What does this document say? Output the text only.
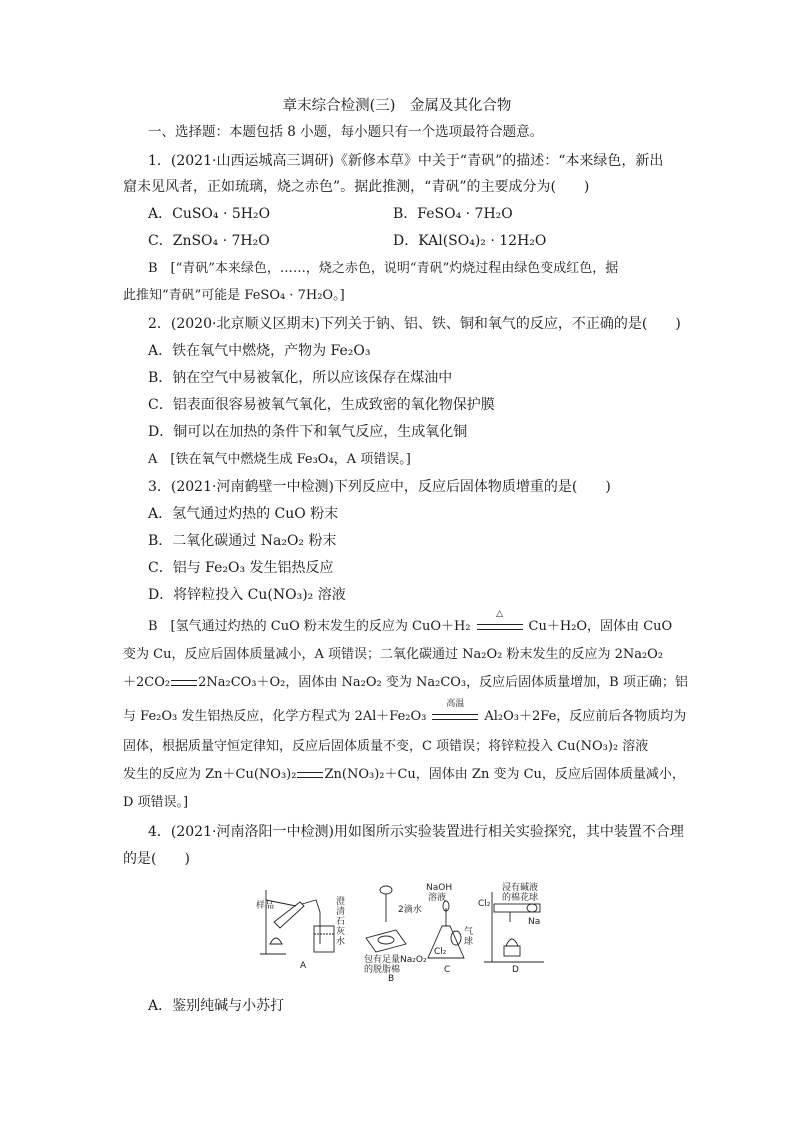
章末综合检测(三)　金属及其化合物
一、选择题：本题包括 8 小题，每小题只有一个选项最符合题意。
1．(2021·山西运城高三调研)《新修本草》中关于“青矾”的描述：“本来绿色，新出
窟未见风者，正如琉璃，烧之赤色”。据此推测，“青矾”的主要成分为(　　)
A．CuSO₄ · 5H₂O	B．FeSO₄ · 7H₂O
C．ZnSO₄ · 7H₂O	D．KAl(SO₄)₂ · 12H₂O
B　[“青矾”本来绿色，……，烧之赤色，说明“青矾”灼烧过程由绿色变成红色，据
此推知“青矾”可能是 FeSO₄ · 7H₂O。]
2．(2020·北京顺义区期末)下列关于钠、铝、铁、铜和氧气的反应，不正确的是(　　)
A．铁在氧气中燃烧，产物为 Fe₂O₃
B．钠在空气中易被氧化，所以应该保存在煤油中
C．铝表面很容易被氧气氧化，生成致密的氧化物保护膜
D．铜可以在加热的条件下和氧气反应，生成氧化铜
A　[铁在氧气中燃烧生成 Fe₃O₄，A 项错误。]
3．(2021·河南鹤壁一中检测)下列反应中，反应后固体物质增重的是(　　)
A．氢气通过灼热的 CuO 粉末
B．二氧化碳通过 Na₂O₂ 粉末
C．铝与 Fe₂O₃ 发生铝热反应
D．将锌粒投入 Cu(NO₃)₂ 溶液
B　[氢气通过灼热的 CuO 粉末发生的反应为 CuO＋H₂
△
Cu＋H₂O，固体由 CuO
变为 Cu，反应后固体质量减小，A 项错误；二氧化碳通过 Na₂O₂ 粉末发生的反应为 2Na₂O₂
＋2CO₂ 2Na₂CO₃＋O₂，固体由 Na₂O₂ 变为 Na₂CO₃，反应后固体质量增加，B 项正确；铝
与 Fe₂O₃ 发生铝热反应，化学方程式为 2Al＋Fe₂O₃
高温
Al₂O₃＋2Fe，反应前后各物质均为
固体，根据质量守恒定律知，反应后固体质量不变，C 项错误；将锌粒投入 Cu(NO₃)₂ 溶液
发生的反应为 Zn＋Cu(NO₃)₂ Zn(NO₃)₂＋Cu，固体由 Zn 变为 Cu，反应后固体质量减小，
D 项错误。]
4．(2021·河南洛阳一中检测)用如图所示实验装置进行相关实验探究，其中装置不合理
的是(　　)
样品	澄
清
石
灰
水
A
2滴水
包有足量Na₂O₂
的脱脂棉
B
NaOH
溶液
气
球
Cl₂
C
浸有碱液
的棉花球
Cl₂
Na
D
A．鉴别纯碱与小苏打
